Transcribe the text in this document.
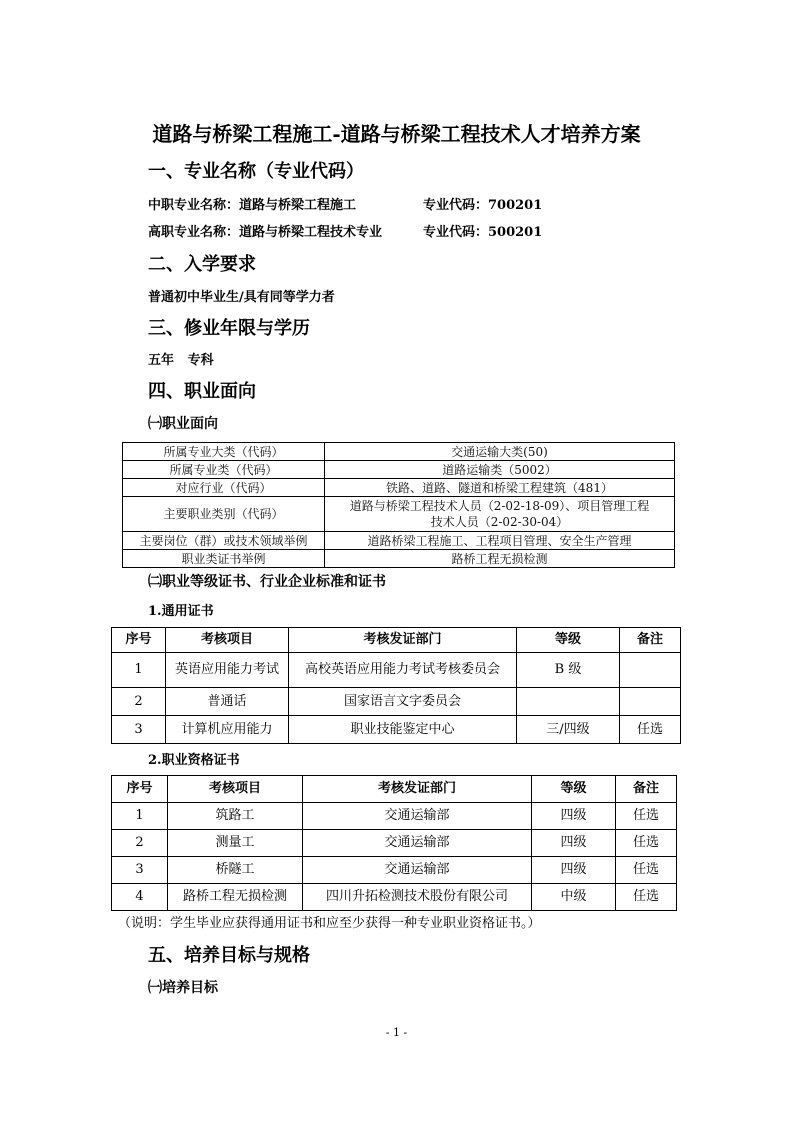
道路与桥梁工程施工-道路与桥梁工程技术人才培养方案
一、专业名称（专业代码）
中职专业名称：道路与桥梁工程施工	专业代码：700201
高职专业名称：道路与桥梁工程技术专业	专业代码：500201
二、入学要求
普通初中毕业生/具有同等学力者
三、修业年限与学历
五年   专科
四、职业面向
㈠职业面向
所属专业大类（代码）	交通运输大类(50)
所属专业类（代码）	道路运输类（5002）
对应行业（代码）	铁路、道路、隧道和桥梁工程建筑（481）
主要职业类别（代码）	道路与桥梁工程技术人员（2-02-18-09）、项目管理工程
技术人员（2-02-30-04）

主要岗位（群）或技术领域举例	道路桥梁工程施工、工程项目管理、安全生产管理
职业类证书举例	路桥工程无损检测
㈡职业等级证书、行业企业标准和证书
1.通用证书
序号	考核项目	考核发证部门	等级	备注
1	英语应用能力考试	高校英语应用能力考试考核委员会	B 级	
2	普通话	国家语言文字委员会		
3	计算机应用能力	职业技能鉴定中心	三/四级	任选
2.职业资格证书
序号	考核项目	考核发证部门	等级	备注
1	筑路工	交通运输部	四级	任选
2	测量工	交通运输部	四级	任选
3	桥隧工	交通运输部	四级	任选
4	路桥工程无损检测	四川升拓检测技术股份有限公司	中级	任选
（说明：学生毕业应获得通用证书和应至少获得一种专业职业资格证书。）
五、培养目标与规格
㈠培养目标
- 1 -
